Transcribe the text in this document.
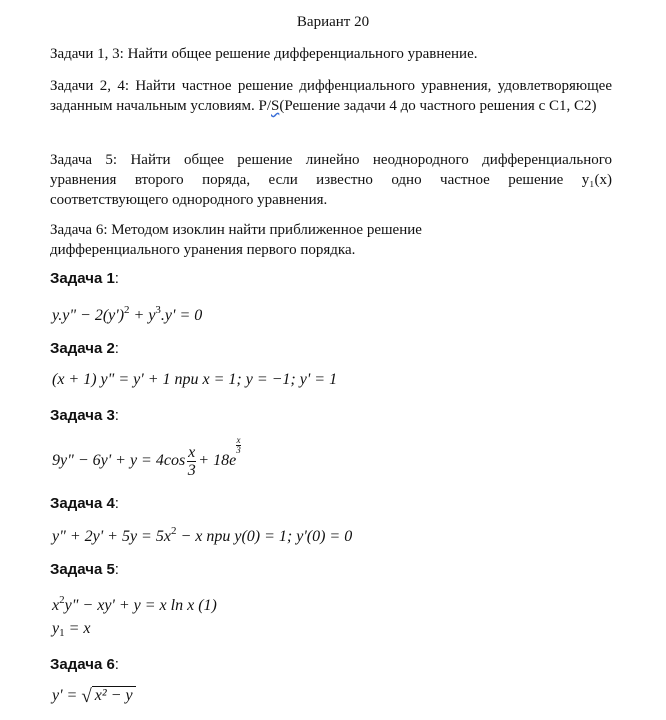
Вариант 20
Задачи 1, 3: Найти общее решение дифференциального уравнение.
Задачи 2, 4: Найти частное решение диффенциального уравнения, удовлетворяющее заданным начальным условиям. P/S(Решение задачи 4 до частного решения с С1, С2)
Задача 5: Найти общее решение линейно неоднородного дифференциального уравнения второго поряда, если известно одно частное решение y₁(x) соответствующего однородного уравнения.
Задача 6: Методом изоклин найти приближенное решение
дифференциального уранения первого порядка.
Задача 1:
y.y" − $2(y')^2 + y^3.y' = 0$
Задача 2:
(x + 1) y" = y' + 1 при x = 1; y = −1; y' = 1
Задача 3:
9y" − $6y' + y = 4\cos \frac{x}{3} + 18e$
$\frac{x}{3}$
Задача 4:
y" + $2y' + 5y = 5x^2 - x$ при y(0) = 1; y'(0) = 0
Задача 5:
$x^2y$" − xy' + y = x ln x (1)
$y_1 = x$
Задача 6:
y' = √ x² − y
